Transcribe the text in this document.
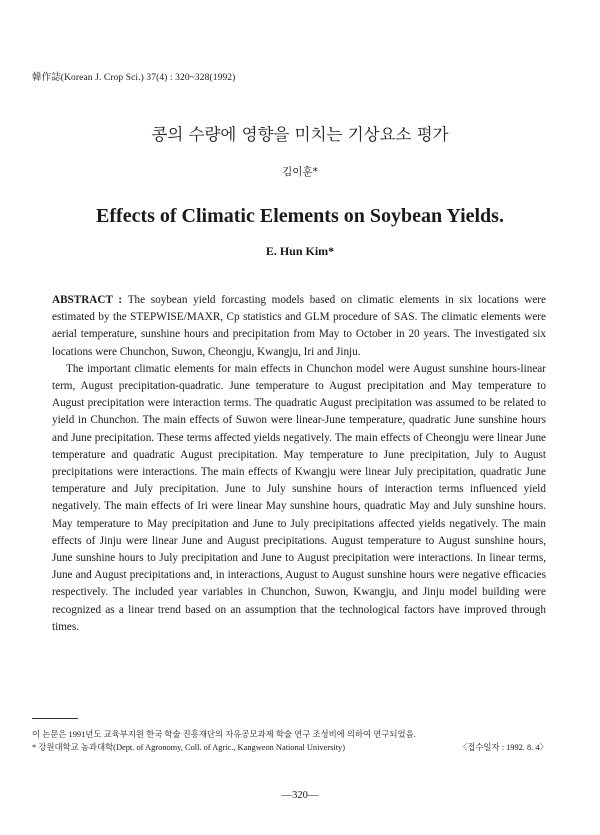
韓作誌(Korean J. Crop Sci.) 37(4) : 320~328(1992)
콩의 수량에 영향을 미치는 기상요소 평가
김이훈*
Effects of Climatic Elements on Soybean Yields.
E. Hun Kim*

ABSTRACT : The soybean yield forcasting models based on climatic elements in six locations were estimated by the STEPWISE/MAXR, Cp statistics and GLM procedure of SAS. The climatic elements were aerial temperature, sunshine hours and precipitation from May to October in 20 years. The investigated six locations were Chunchon, Suwon, Cheongju, Kwangju, Iri and Jinju.

The important climatic elements for main effects in Chunchon model were August sunshine hours-linear term, August precipitation-quadratic. June temperature to August precipitation and May temperature to August precipitation were interaction terms. The quadratic August precipitation was assumed to be related to yield in Chunchon. The main effects of Suwon were linear-June temperature, quadratic June sunshine hours and June precipitation. These terms affected yields negatively. The main effects of Cheongju were linear June temperature and quadratic August precipitation. May temperature to June precipitation, July to August precipitations were interactions. The main effects of Kwangju were linear July precipitation, quadratic June temperature and July precipitation. June to July sunshine hours of interaction terms influenced yield negatively. The main effects of Iri were linear May sunshine hours, quadratic May and July sunshine hours. May temperature to May precipitation and June to July precipitations affected yields negatively. The main effects of Jinju were linear June and August precipitations. August temperature to August sunshine hours, June sunshine hours to July precipitation and June to August precipitation were interactions. In linear terms, June and August precipitations and, in interactions, August to August sunshine hours were negative efficacies respectively. The included year variables in Chunchon, Suwon, Kwangju, and Jinju model building were recognized as a linear trend based on an assumption that the technological factors have improved through times.

이 논문은 1991년도 교육부지원 한국 학술 진흥재단의 자유공모과제 학술 연구 조성비에 의하여 연구되었음.
* 강원대학교 농과대학(Dept. of Agronomy, Coll. of Agric., Kangweon National University)	〈접수일자 : 1992. 8. 4〉
—320—
